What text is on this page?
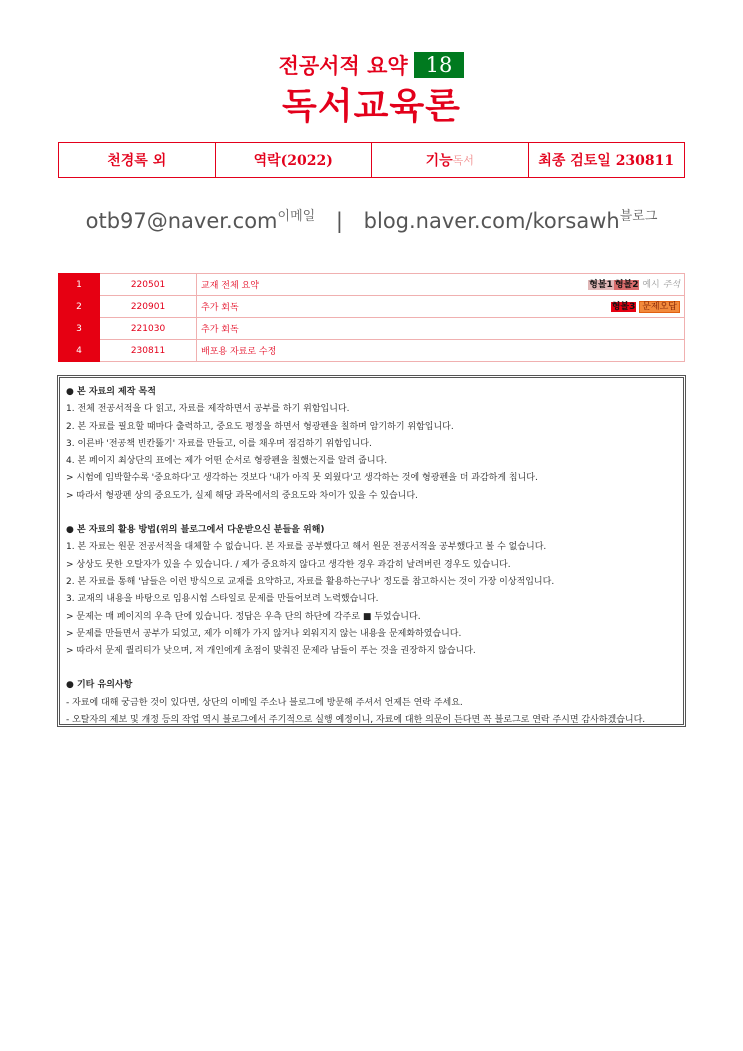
전공서적 요약 18
독서교육론
천경록 외	역락(2022)	기능 독서	최종 검토일 230811
otb97@naver.com$^{이메일}$ | blog.naver.com/korsawh$^{블로그}$
1	220501	교재 전체 요약 형볼1 형볼2 예시 주석

2	220901	추가 회독 형볼3 문제오답

3	221030	추가 회독
4	230811	배포용 자료로 수정
● 본 자료의 제작 목적
1. 전체 전공서적을 다 읽고, 자료를 제작하면서 공부를 하기 위함입니다.
2. 본 자료를 필요할 때마다 출력하고, 중요도 평정을 하면서 형광펜을 칠하며 암기하기 위함입니다.
3. 이른바 '전공책 빈칸뚫기' 자료를 만들고, 이를 채우며 점검하기 위함입니다.
4. 본 페이지 최상단의 표에는 제가 어떤 순서로 형광펜을 칠했는지를 알려 줍니다.
> 시험에 임박할수록 '중요하다'고 생각하는 것보다 '내가 아직 못 외웠다'고 생각하는 것에 형광펜을 더 과감하게 칩니다.
> 따라서 형광펜 상의 중요도가, 실제 해당 과목에서의 중요도와 차이가 있을 수 있습니다.
● 본 자료의 활용 방법(위의 블로그에서 다운받으신 분들을 위해)
1. 본 자료는 원문 전공서적을 대체할 수 없습니다. 본 자료를 공부했다고 해서 원문 전공서적을 공부했다고 볼 수 없습니다.
> 상상도 못한 오탈자가 있을 수 있습니다. / 제가 중요하지 않다고 생각한 경우 과감히 날려버린 경우도 있습니다.
2. 본 자료를 통해 '남들은 이런 방식으로 교재를 요약하고, 자료를 활용하는구나' 정도를 참고하시는 것이 가장 이상적입니다.
3. 교재의 내용을 바탕으로 임용시험 스타일로 문제를 만들어보려 노력했습니다.
> 문제는 매 페이지의 우측 단에 있습니다. 정답은 우측 단의 하단에 각주로 ■ 두었습니다.
> 문제를 만들면서 공부가 되었고, 제가 이해가 가지 않거나 외워지지 않는 내용을 문제화하였습니다.
> 따라서 문제 퀄리티가 낮으며, 저 개인에게 초점이 맞춰진 문제라 남들이 푸는 것을 권장하지 않습니다.
● 기타 유의사항
- 자료에 대해 궁금한 것이 있다면, 상단의 이메일 주소나 블로그에 방문해 주셔서 언제든 연락 주세요.
- 오탈자의 제보 및 개정 등의 작업 역시 블로그에서 주기적으로 실행 예정이니, 자료에 대한 의문이 든다면 꼭 블로그로 연락 주시면 감사하겠습니다.
